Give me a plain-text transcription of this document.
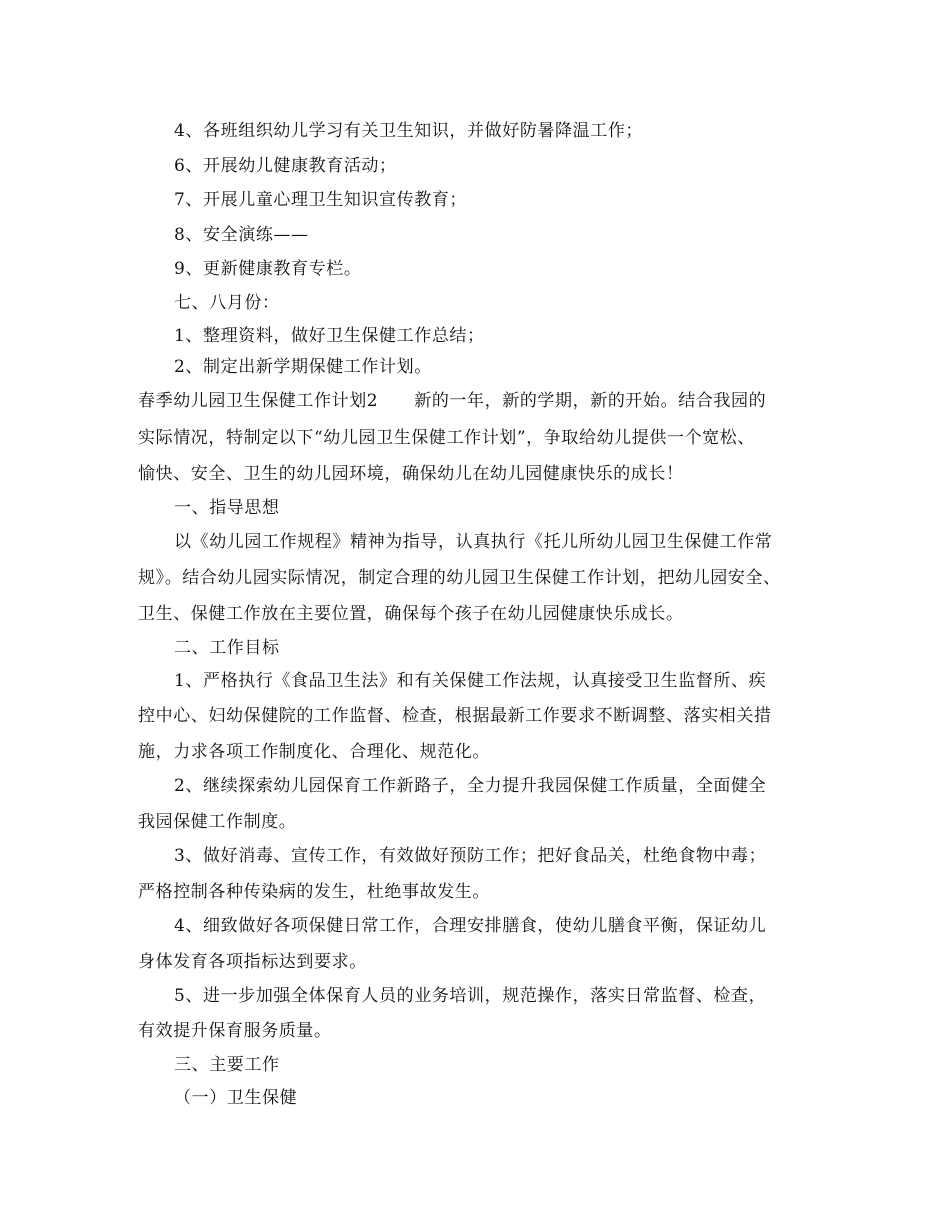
4、各班组织幼儿学习有关卫生知识，并做好防暑降温工作；
6、开展幼儿健康教育活动；
7、开展儿童心理卫生知识宣传教育；
8、安全演练——
9、更新健康教育专栏。
七、八月份：
1、整理资料，做好卫生保健工作总结；
2、制定出新学期保健工作计划。
春季幼儿园卫生保健工作计划2 新的一年，新的学期，新的开始。结合我园的
实际情况，特制定以下“幼儿园卫生保健工作计划”，争取给幼儿提供一个宽松、
愉快、安全、卫生的幼儿园环境，确保幼儿在幼儿园健康快乐的成长！
一、指导思想
以《幼儿园工作规程》精神为指导，认真执行《托儿所幼儿园卫生保健工作常
规》。结合幼儿园实际情况，制定合理的幼儿园卫生保健工作计划，把幼儿园安全、
卫生、保健工作放在主要位置，确保每个孩子在幼儿园健康快乐成长。
二、工作目标
1、严格执行《食品卫生法》和有关保健工作法规，认真接受卫生监督所、疾
控中心、妇幼保健院的工作监督、检查，根据最新工作要求不断调整、落实相关措
施，力求各项工作制度化、合理化、规范化。
2、继续探索幼儿园保育工作新路子，全力提升我园保健工作质量，全面健全
我园保健工作制度。
3、做好消毒、宣传工作，有效做好预防工作；把好食品关，杜绝食物中毒；
严格控制各种传染病的发生，杜绝事故发生。
4、细致做好各项保健日常工作，合理安排膳食，使幼儿膳食平衡，保证幼儿
身体发育各项指标达到要求。
5、进一步加强全体保育人员的业务培训，规范操作，落实日常监督、检查，
有效提升保育服务质量。
三、主要工作
（一）卫生保健
